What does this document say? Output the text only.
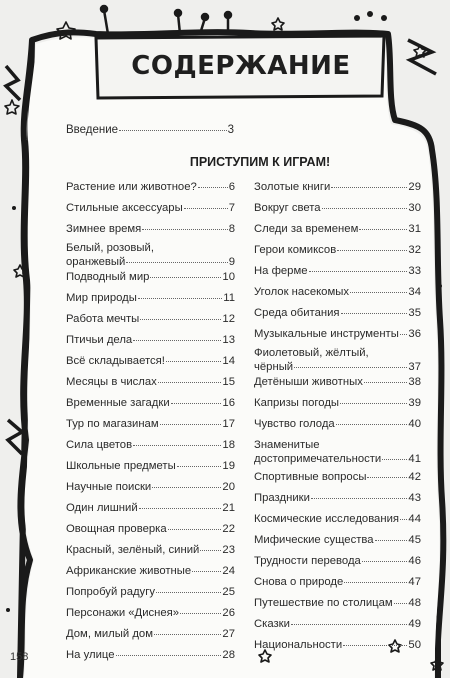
СОДЕРЖАНИЕ
Введение	3
ПРИСТУПИМ К ИГРАМ!
Растение или животное?	6
Стильные аксессуары	7
Зимнее время	8
Белый, розовый,
оранжевый	9
Подводный мир	10
Мир природы	11
Работа мечты	12
Птичьи дела	13
Всё складывается!	14
Месяцы в числах	15
Временные загадки	16
Тур по магазинам	17
Сила цветов	18
Школьные предметы	19
Научные поиски	20
Один лишний	21
Овощная проверка	22
Красный, зелёный, синий 23
Африканские животные	24
Попробуй радугу	25
Персонажи «Диснея»	26
Дом, милый дом	27
На улице	28
Золотые книги	29
Вокруг света	30
Следи за временем	31
Герои комиксов	32
На ферме	33
Уголок насекомых	34
Среда обитания	35
Музыкальные инструменты 36
Фиолетовый, жёлтый,
чёрный	37
Детёныши животных	38
Капризы погоды	39
Чувство голода	40
Знаменитые
достопримечательности 41
Спортивные вопросы	42
Праздники	43
Космические исследования 44
Мифические существа	45
Трудности перевода	46
Снова о природе	47
Путешествие по столицам 48
Сказки	49
Национальности	50
158
